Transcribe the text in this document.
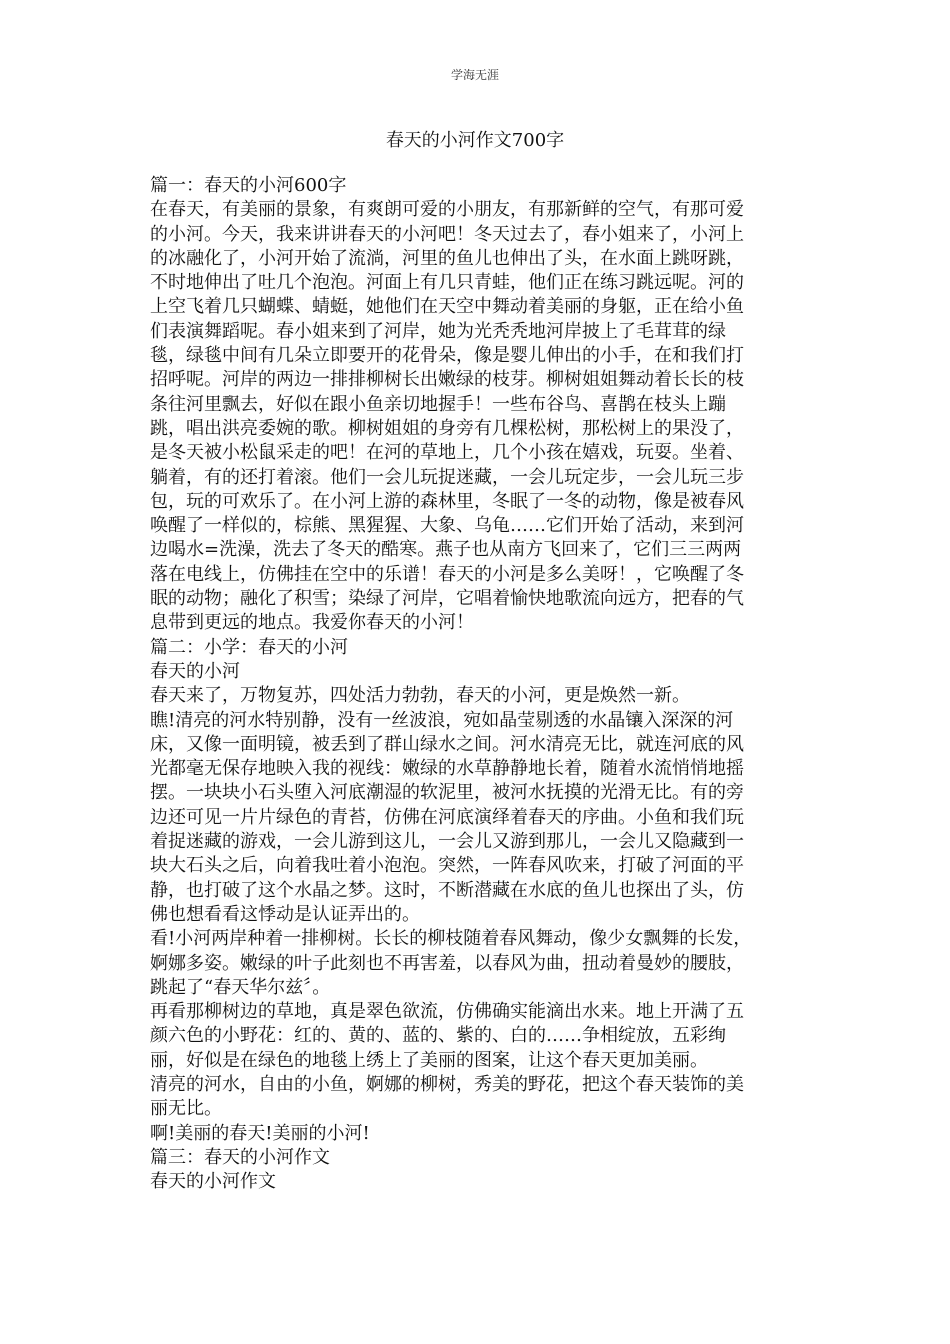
学海无涯
春天的小河作文700字
篇一：春天的小河600字
在春天，有美丽的景象，有爽朗可爱的小朋友，有那新鲜的空气，有那可爱
的小河。今天，我来讲讲春天的小河吧！冬天过去了，春小姐来了，小河上
的冰融化了，小河开始了流淌，河里的鱼儿也伸出了头，在水面上跳呀跳，
不时地伸出了吐几个泡泡。河面上有几只青蛙，他们正在练习跳远呢。河的
上空飞着几只蝴蝶、蜻蜓，她他们在天空中舞动着美丽的身躯，正在给小鱼
们表演舞蹈呢。春小姐来到了河岸，她为光秃秃地河岸披上了毛茸茸的绿
毯，绿毯中间有几朵立即要开的花骨朵，像是婴儿伸出的小手，在和我们打
招呼呢。河岸的两边一排排柳树长出嫩绿的枝芽。柳树姐姐舞动着长长的枝
条往河里飘去，好似在跟小鱼亲切地握手！一些布谷鸟、喜鹊在枝头上蹦
跳，唱出洪亮委婉的歌。柳树姐姐的身旁有几棵松树，那松树上的果没了，
是冬天被小松鼠采走的吧！在河的草地上，几个小孩在嬉戏，玩耍。坐着、
躺着，有的还打着滚。他们一会儿玩捉迷藏，一会儿玩定步，一会儿玩三步
包，玩的可欢乐了。在小河上游的森林里，冬眠了一冬的动物，像是被春风
唤醒了一样似的，棕熊、黑猩猩、大象、乌龟……它们开始了活动，来到河
边喝水=洗澡，洗去了冬天的酷寒。燕子也从南方飞回来了，它们三三两两
落在电线上，仿佛挂在空中的乐谱！春天的小河是多么美呀！，它唤醒了冬
眠的动物；融化了积雪；染绿了河岸，它唱着愉快地歌流向远方，把春的气
息带到更远的地点。我爱你春天的小河！
篇二：小学：春天的小河
春天的小河
春天来了，万物复苏，四处活力勃勃，春天的小河，更是焕然一新。
瞧!清亮的河水特别静，没有一丝波浪，宛如晶莹剔透的水晶镶入深深的河
床，又像一面明镜，被丢到了群山绿水之间。河水清亮无比，就连河底的风
光都毫无保存地映入我的视线：嫩绿的水草静静地长着，随着水流悄悄地摇
摆。一块块小石头堕入河底潮湿的软泥里，被河水抚摸的光滑无比。有的旁
边还可见一片片绿色的青苔，仿佛在河底演绎着春天的序曲。小鱼和我们玩
着捉迷藏的游戏，一会儿游到这儿，一会儿又游到那儿，一会儿又隐藏到一
块大石头之后，向着我吐着小泡泡。突然，一阵春风吹来，打破了河面的平
静，也打破了这个水晶之梦。这时，不断潜藏在水底的鱼儿也探出了头，仿
佛也想看看这悸动是认证弄出的。
看!小河两岸种着一排柳树。长长的柳枝随着春风舞动，像少女飘舞的长发，
婀娜多姿。嫩绿的叶子此刻也不再害羞，以春风为曲，扭动着曼妙的腰肢，
跳起了“春天华尔兹〞。
再看那柳树边的草地，真是翠色欲流，仿佛确实能滴出水来。地上开满了五
颜六色的小野花：红的、黄的、蓝的、紫的、白的……争相绽放，五彩绚
丽，好似是在绿色的地毯上绣上了美丽的图案，让这个春天更加美丽。
清亮的河水，自由的小鱼，婀娜的柳树，秀美的野花，把这个春天装饰的美
丽无比。
啊!美丽的春天!美丽的小河!
篇三：春天的小河作文
春天的小河作文
